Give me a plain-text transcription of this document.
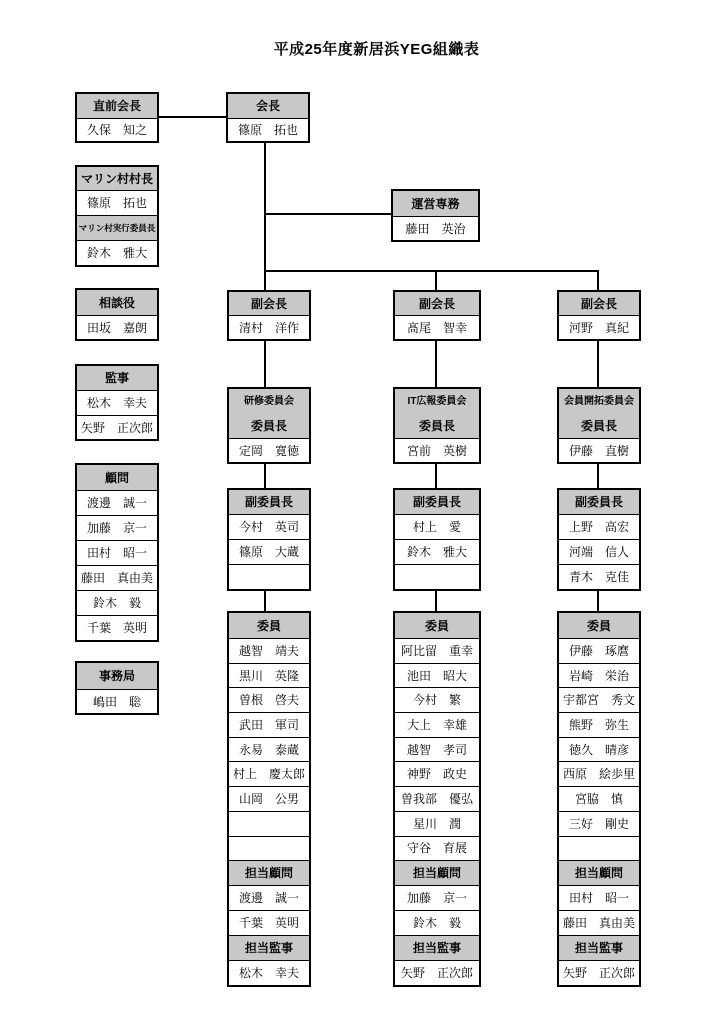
平成25年度新居浜YEG組織表
直前会長
久保　知之
会長
篠原　拓也
マリン村村長
篠原　拓也
マリン村実行委員長
鈴木　雅大
運営専務
藤田　英治
相談役
田坂　嘉朗
監事
松木　幸夫
矢野　正次郎
顧問
渡邊　誠一
加藤　京一
田村　昭一
藤田　真由美
鈴木　毅
千葉　英明
事務局
嶋田　聡
副会長
清村　洋作
副会長
髙尾　智幸
副会長
河野　真紀
研修委員会
委員長
定岡　寛徳
IT広報委員会
委員長
宮前　英樹
会員開拓委員会
委員長
伊藤　直樹
副委員長
今村　英司
篠原　大蔵
副委員長
村上　愛
鈴木　雅大
副委員長
上野　高宏
河端　信人
青木　克佳
委員
越智　靖夫
黒川　英隆
曽根　啓夫
武田　軍司
永易　泰蔵
村上　慶太郎
山岡　公男
担当顧問
渡邊　誠一
千葉　英明
担当監事
松木　幸夫
委員
阿比留　重幸
池田　昭大
今村　繁
大上　幸雄
越智　孝司
神野　政史
曽我部　優弘
星川　潤
守谷　育展
担当顧問
加藤　京一
鈴木　毅
担当監事
矢野　正次郎
委員
伊藤　琢麿
岩崎　栄治
宇都宮　秀文
熊野　弥生
徳久　晴彦
西原　絵歩里
宮脇　慎
三好　剛史
担当顧問
田村　昭一
藤田　真由美
担当監事
矢野　正次郎
